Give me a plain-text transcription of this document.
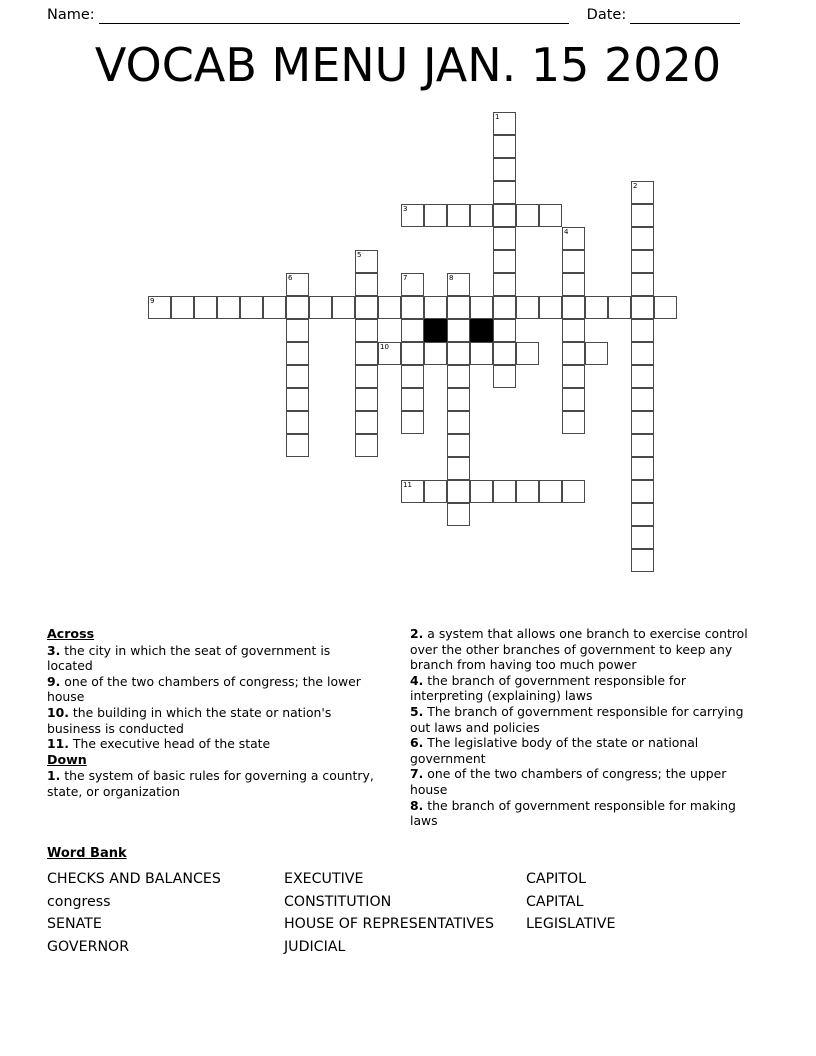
Name:	Date:
VOCAB MENU JAN. 15 2020
1
2
3
4
5
6	7	8
9
10
11

Across

3. the city in which the seat of government is located

9. one of the two chambers of congress; the lower house

10. the building in which the state or nation's business is conducted

11. The executive head of the state

Down

1. the system of basic rules for governing a country, state, or organization

2. a system that allows one branch to exercise control over the other branches of government to keep any branch from having too much power

4. the branch of government responsible for interpreting (explaining) laws

5. The branch of government responsible for carrying out laws and policies

6. The legislative body of the state or national government

7. one of the two chambers of congress; the upper house

8. the branch of government responsible for making laws

Word Bank
CHECKS AND BALANCES
congress
SENATE
GOVERNOR
EXECUTIVE
CONSTITUTION
HOUSE OF REPRESENTATIVES
JUDICIAL
CAPITOL
CAPITAL
LEGISLATIVE
